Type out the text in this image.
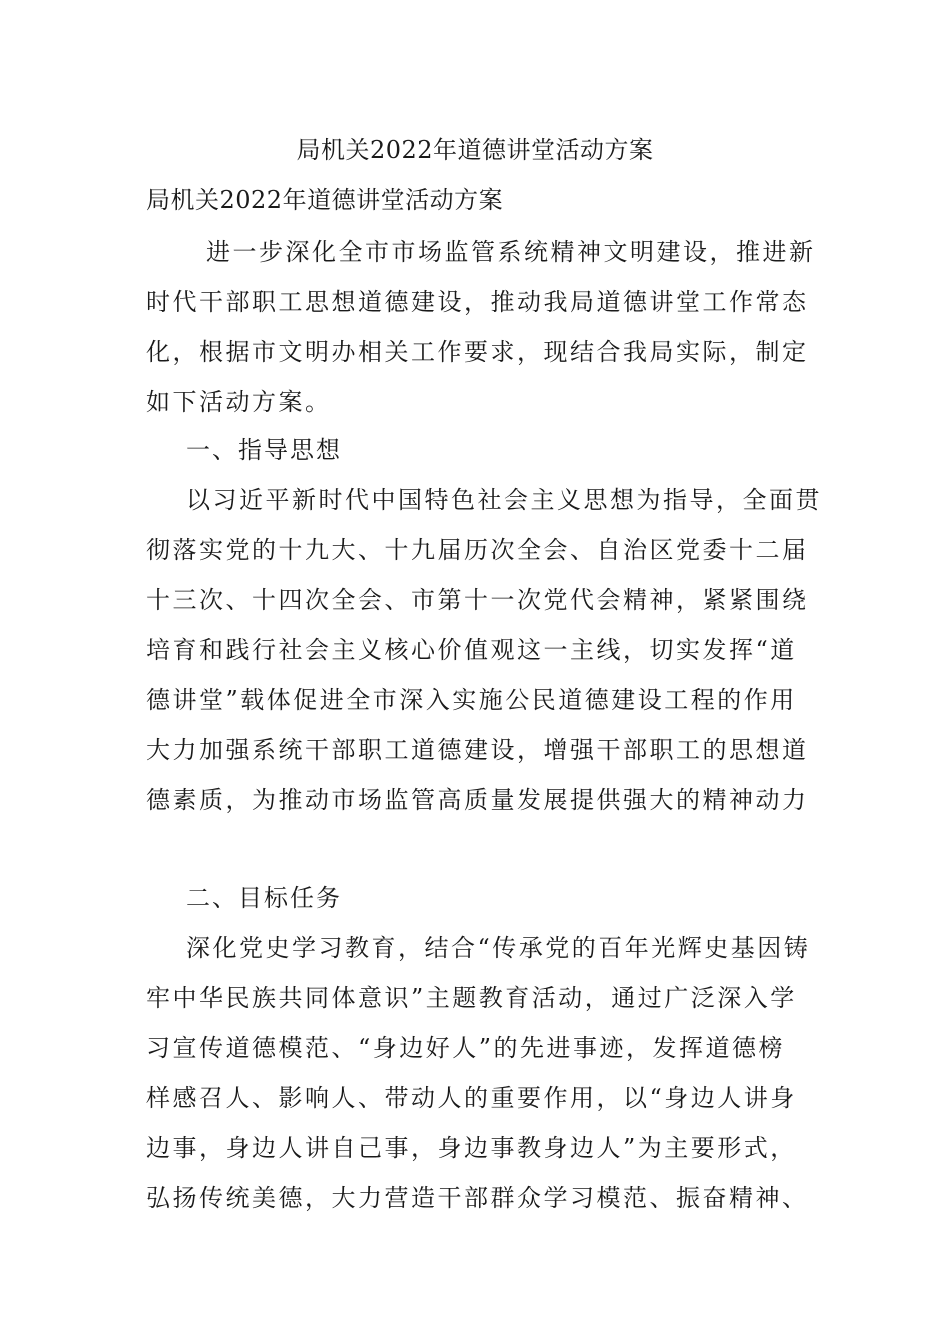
局机关2022年道德讲堂活动方案
局机关2022年道德讲堂活动方案
进一步深化全市市场监管系统精神文明建设，推进新
时代干部职工思想道德建设，推动我局道德讲堂工作常态
化，根据市文明办相关工作要求，现结合我局实际，制定
如下活动方案。
一、指导思想
以习近平新时代中国特色社会主义思想为指导，全面贯
彻落实党的十九大、十九届历次全会、自治区党委十二届
十三次、十四次全会、市第十一次党代会精神，紧紧围绕
培育和践行社会主义核心价值观这一主线，切实发挥“道
德讲堂”载体促进全市深入实施公民道德建设工程的作用
大力加强系统干部职工道德建设，增强干部职工的思想道
德素质，为推动市场监管高质量发展提供强大的精神动力
二、目标任务
深化党史学习教育，结合“传承党的百年光辉史基因铸
牢中华民族共同体意识”主题教育活动，通过广泛深入学
习宣传道德模范、“身边好人”的先进事迹，发挥道德榜
样感召人、影响人、带动人的重要作用，以“身边人讲身
边事，身边人讲自己事，身边事教身边人”为主要形式，
弘扬传统美德，大力营造干部群众学习模范、振奋精神、
